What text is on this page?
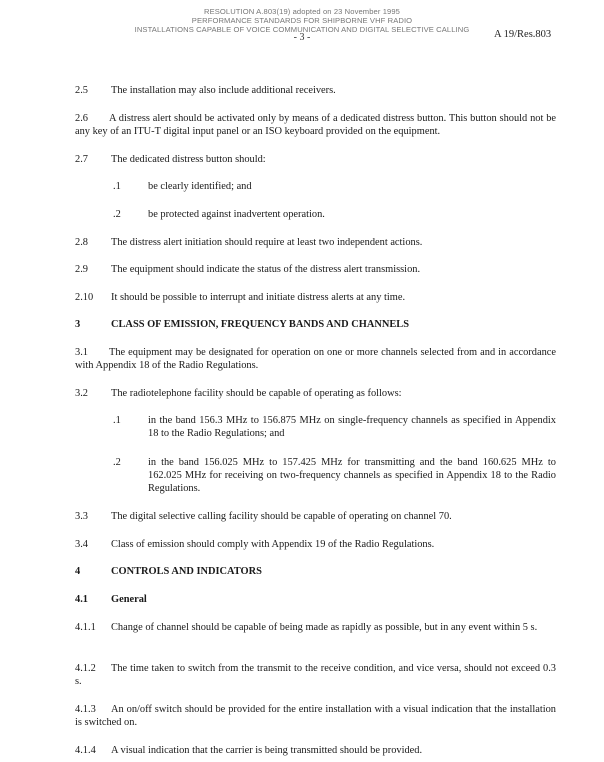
RESOLUTION A.803(19) adopted on 23 November 1995
PERFORMANCE STANDARDS FOR SHIPBORNE VHF RADIO
INSTALLATIONS CAPABLE OF VOICE COMMUNICATION AND DIGITAL SELECTIVE CALLING
- 3 -	A 19/Res.803
2.5 The installation may also include additional receivers.
2.6 A distress alert should be activated only by means of a dedicated distress button. This button should not be any key of an ITU-T digital input panel or an ISO keyboard provided on the equipment.
2.7 The dedicated distress button should:
.1	be clearly identified; and
.2	be protected against inadvertent operation.
2.8 The distress alert initiation should require at least two independent actions.
2.9 The equipment should indicate the status of the distress alert transmission.
2.10 It should be possible to interrupt and initiate distress alerts at any time.
3	CLASS OF EMISSION, FREQUENCY BANDS AND CHANNELS
3.1 The equipment may be designated for operation on one or more channels selected from and in accordance with Appendix 18 of the Radio Regulations.
3.2 The radiotelephone facility should be capable of operating as follows:
.1	in the band 156.3 MHz to 156.875 MHz on single-frequency channels as specified in Appendix 18 to the Radio Regulations; and
.2	in the band 156.025 MHz to 157.425 MHz for transmitting and the band 160.625 MHz to 162.025 MHz for receiving on two-frequency channels as specified in Appendix 18 to the Radio Regulations.
3.3 The digital selective calling facility should be capable of operating on channel 70.
3.4 Class of emission should comply with Appendix 19 of the Radio Regulations.
4	CONTROLS AND INDICATORS
4.1 General
4.1.1 Change of channel should be capable of being made as rapidly as possible, but in any event within 5 s.
4.1.2 The time taken to switch from the transmit to the receive condition, and vice versa, should not exceed 0.3 s.
4.1.3 An on/off switch should be provided for the entire installation with a visual indication that the installation is switched on.
4.1.4 A visual indication that the carrier is being transmitted should be provided.
